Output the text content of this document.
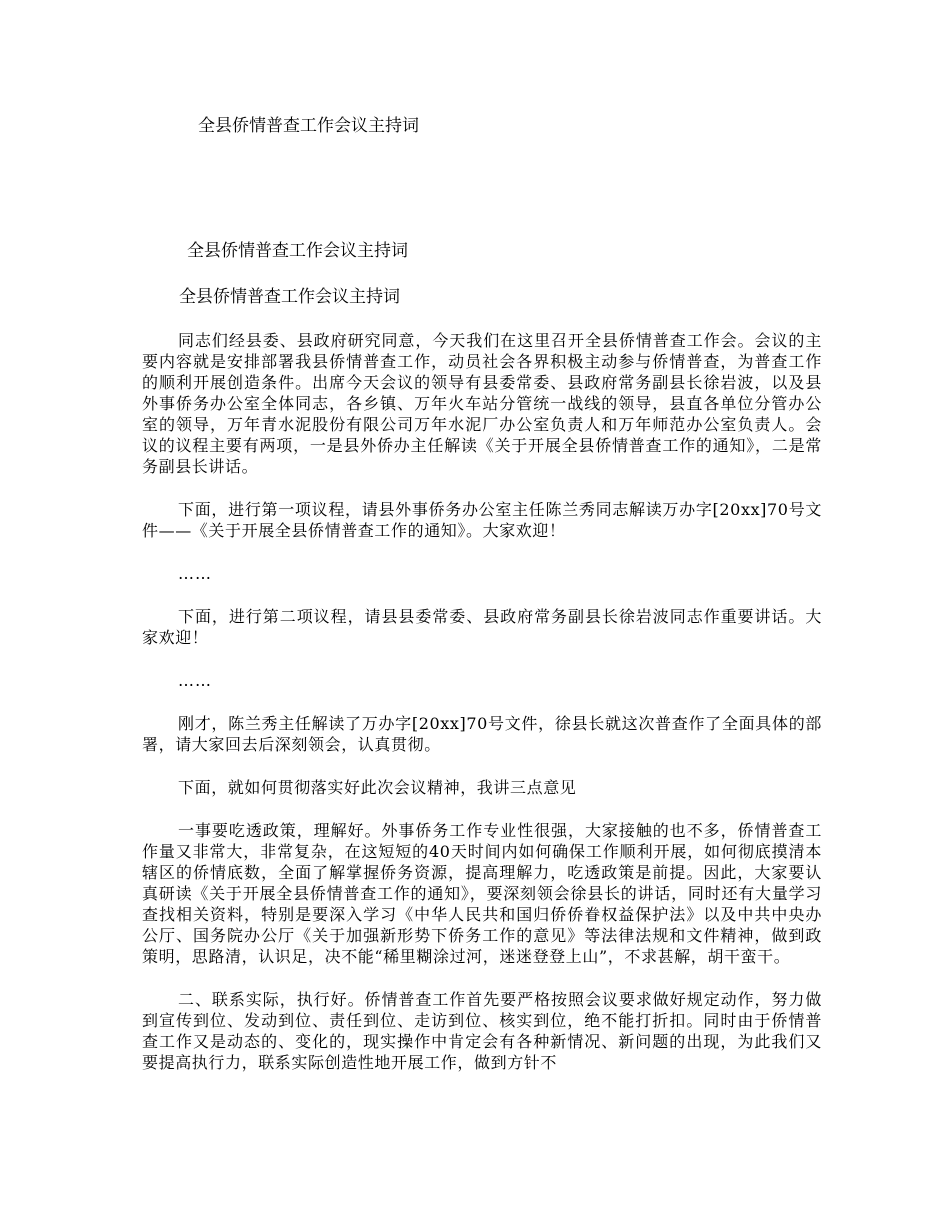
全县侨情普查工作会议主持词
全县侨情普查工作会议主持词
全县侨情普查工作会议主持词

同志们经县委、县政府研究同意，今天我们在这里召开全县侨情普查工作会。会议的主要内容就是安排部署我县侨情普查工作，动员社会各界积极主动参与侨情普查，为普查工作的顺利开展创造条件。出席今天会议的领导有县委常委、县政府常务副县长徐岩波，以及县外事侨务办公室全体同志，各乡镇、万年火车站分管统一战线的领导，县直各单位分管办公室的领导，万年青水泥股份有限公司万年水泥厂办公室负责人和万年师范办公室负责人。会议的议程主要有两项，一是县外侨办主任解读《关于开展全县侨情普查工作的通知》，二是常务副县长讲话。

下面，进行第一项议程，请县外事侨务办公室主任陈兰秀同志解读万办字[20xx]70号文件——《关于开展全县侨情普查工作的通知》。大家欢迎！

……

下面，进行第二项议程，请县县委常委、县政府常务副县长徐岩波同志作重要讲话。大家欢迎！

……

刚才，陈兰秀主任解读了万办字[20xx]70号文件，徐县长就这次普查作了全面具体的部署，请大家回去后深刻领会，认真贯彻。

下面，就如何贯彻落实好此次会议精神，我讲三点意见

一事要吃透政策，理解好。外事侨务工作专业性很强，大家接触的也不多，侨情普查工作量又非常大，非常复杂，在这短短的40天时间内如何确保工作顺利开展，如何彻底摸清本辖区的侨情底数，全面了解掌握侨务资源，提高理解力，吃透政策是前提。因此，大家要认真研读《关于开展全县侨情普查工作的通知》，要深刻领会徐县长的讲话，同时还有大量学习查找相关资料，特别是要深入学习《中华人民共和国归侨侨眷权益保护法》以及中共中央办公厅、国务院办公厅《关于加强新形势下侨务工作的意见》等法律法规和文件精神，做到政策明，思路清，认识足，决不能“稀里糊涂过河，迷迷登登上山”，不求甚解，胡干蛮干。

二、联系实际，执行好。侨情普查工作首先要严格按照会议要求做好规定动作，努力做到宣传到位、发动到位、责任到位、走访到位、核实到位，绝不能打折扣。同时由于侨情普查工作又是动态的、变化的，现实操作中肯定会有各种新情况、新问题的出现，为此我们又要提高执行力，联系实际创造性地开展工作，做到方针不
